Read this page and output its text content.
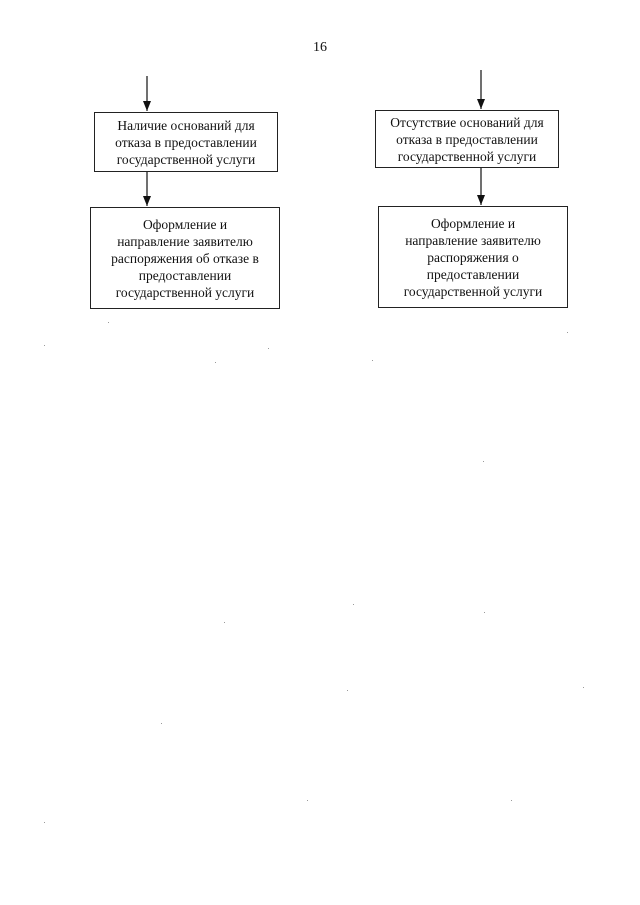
16
Наличие оснований для
отказа в предоставлении
государственной услуги
Отсутствие оснований для
отказа в предоставлении
государственной услуги
Оформление и
направление заявителю
распоряжения об отказе в
предоставлении
государственной услуги
Оформление и
направление заявителю
распоряжения о
предоставлении
государственной услуги
